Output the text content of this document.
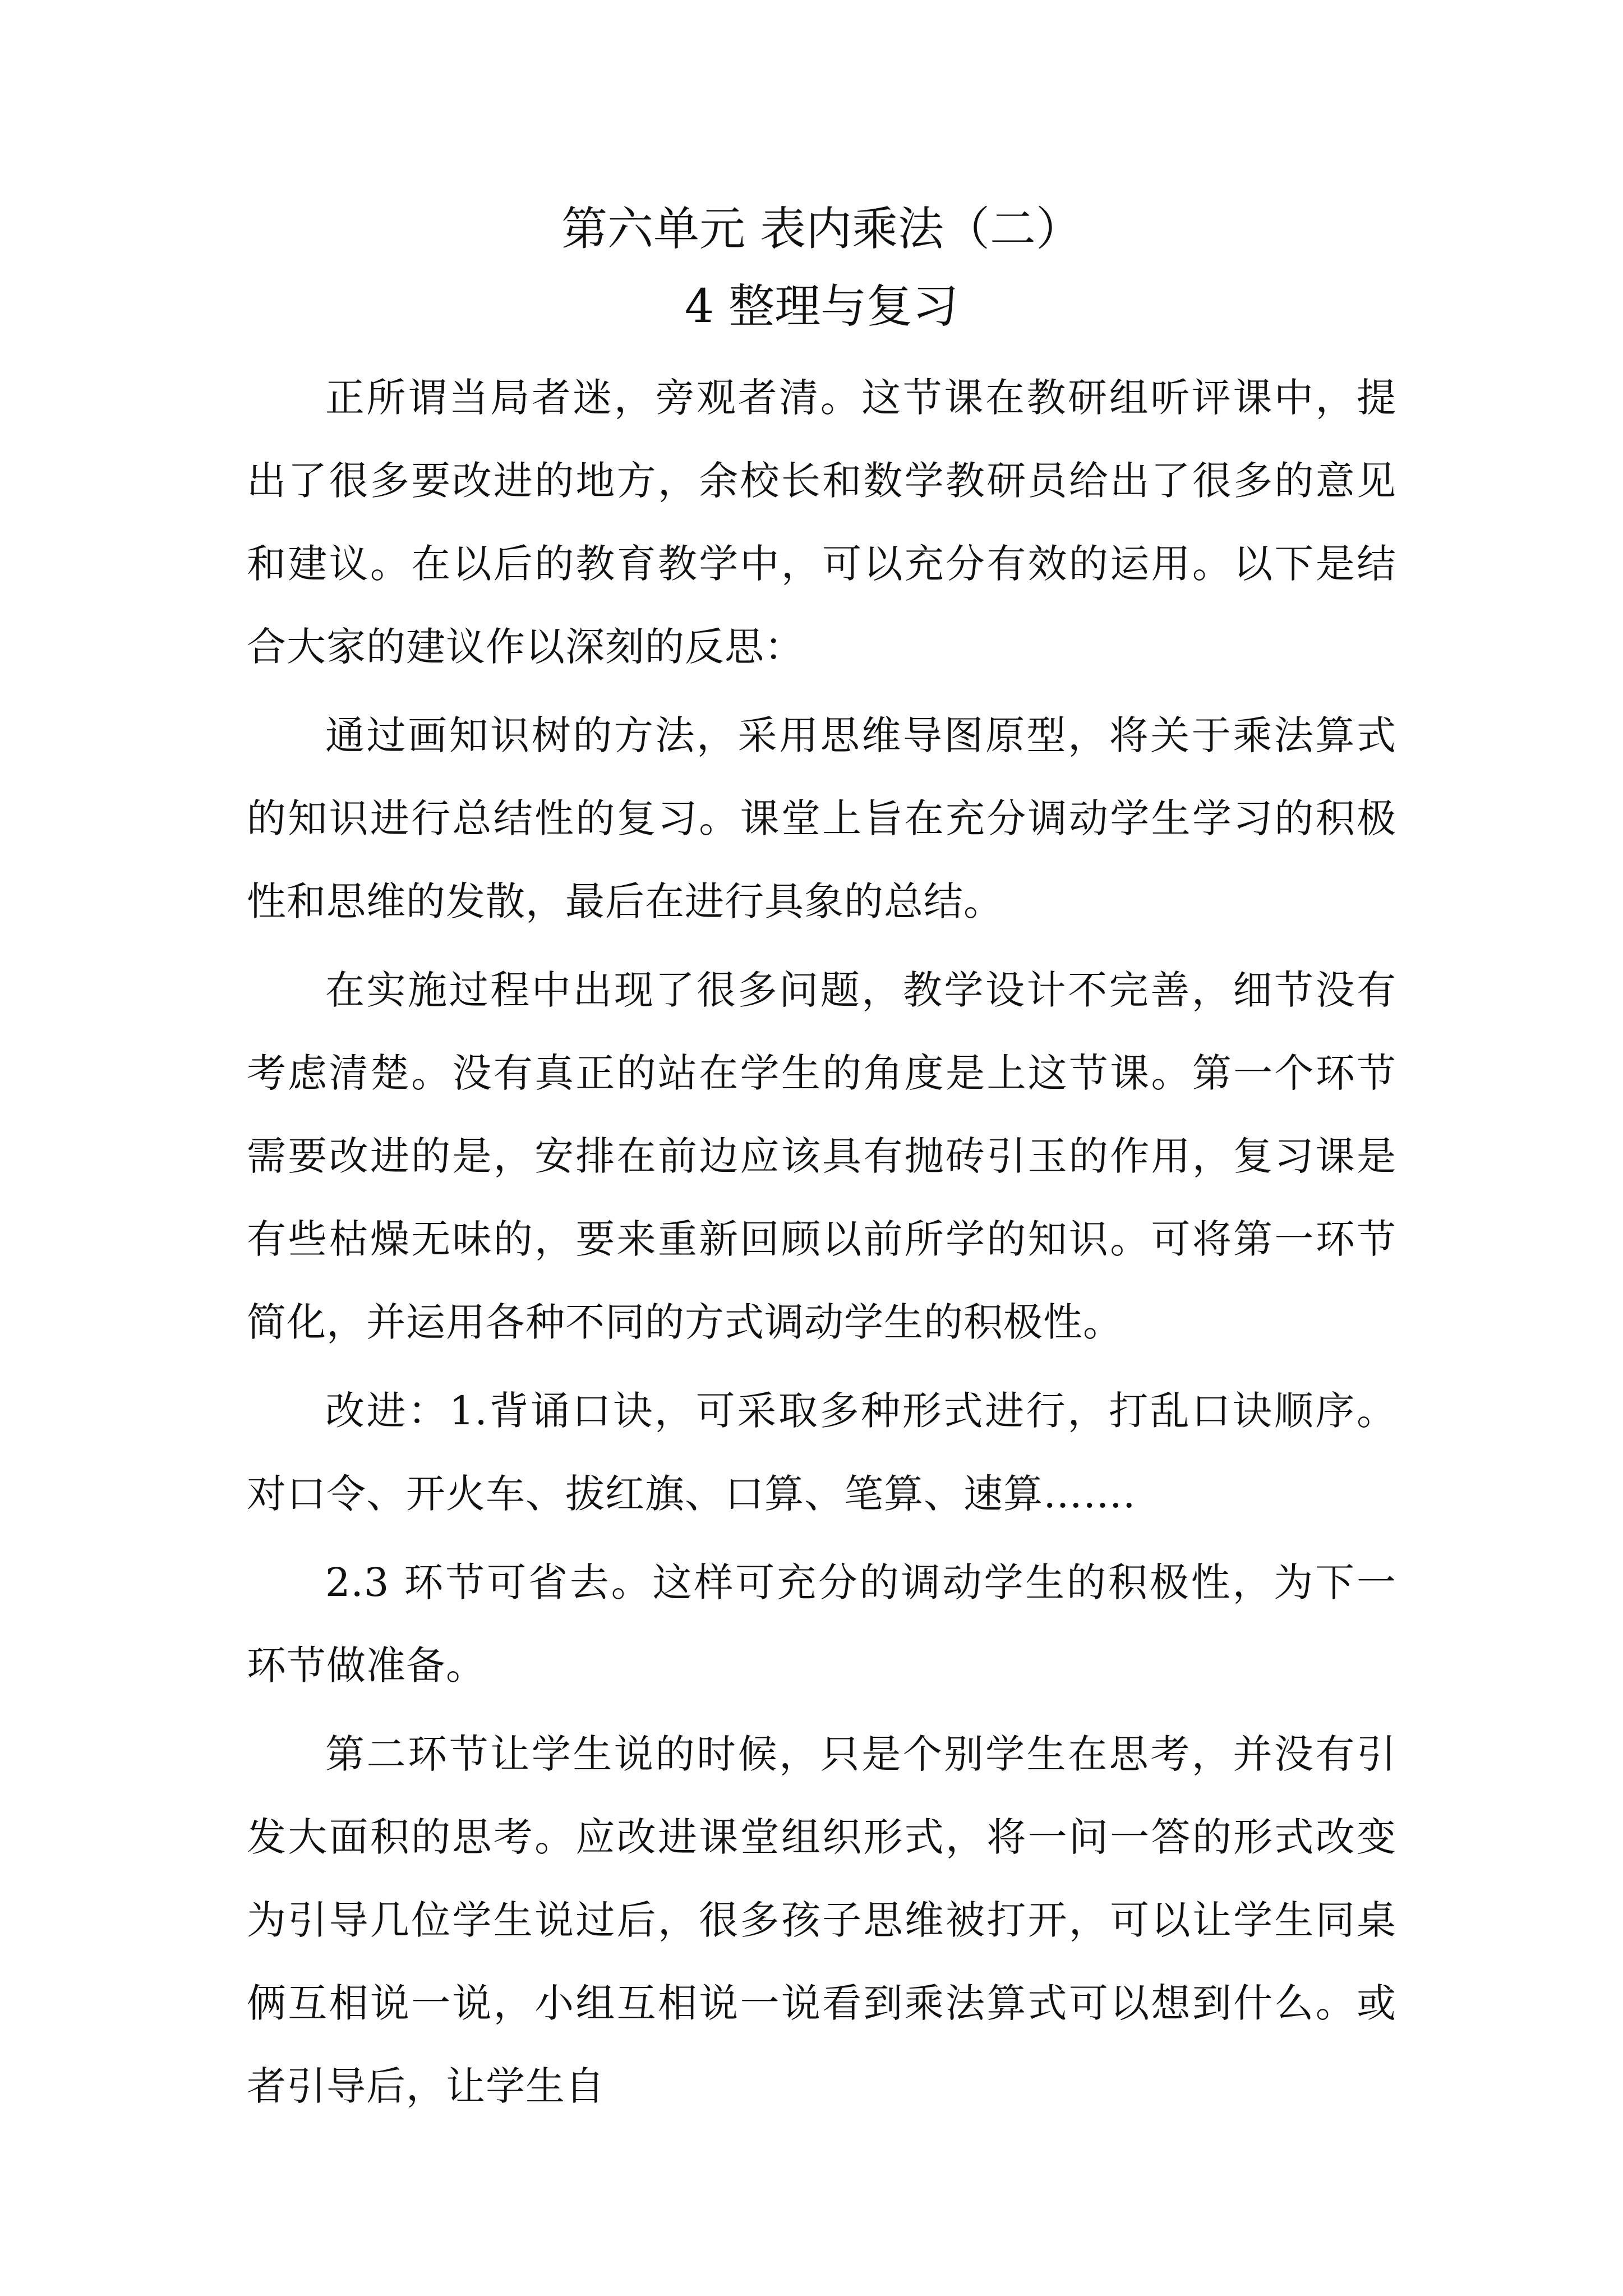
第六单元 表内乘法（二）
4 整理与复习

正所谓当局者迷，旁观者清。这节课在教研组听评课中，提出了很多要改进的地方，余校长和数学教研员给出了很多的意见和建议。在以后的教育教学中，可以充分有效的运用。以下是结合大家的建议作以深刻的反思：

通过画知识树的方法，采用思维导图原型，将关于乘法算式的知识进行总结性的复习。课堂上旨在充分调动学生学习的积极性和思维的发散，最后在进行具象的总结。

在实施过程中出现了很多问题，教学设计不完善，细节没有考虑清楚。没有真正的站在学生的角度是上这节课。第一个环节需要改进的是，安排在前边应该具有抛砖引玉的作用，复习课是有些枯燥无味的，要来重新回顾以前所学的知识。可将第一环节简化，并运用各种不同的方式调动学生的积极性。

改进：1.背诵口诀，可采取多种形式进行，打乱口诀顺序。对口令、开火车、拔红旗、口算、笔算、速算…….

2.3 环节可省去。这样可充分的调动学生的积极性，为下一环节做准备。

第二环节让学生说的时候，只是个别学生在思考，并没有引发大面积的思考。应改进课堂组织形式，将一问一答的形式改变为引导几位学生说过后，很多孩子思维被打开，可以让学生同桌俩互相说一说，小组互相说一说看到乘法算式可以想到什么。或者引导后，让学生自
